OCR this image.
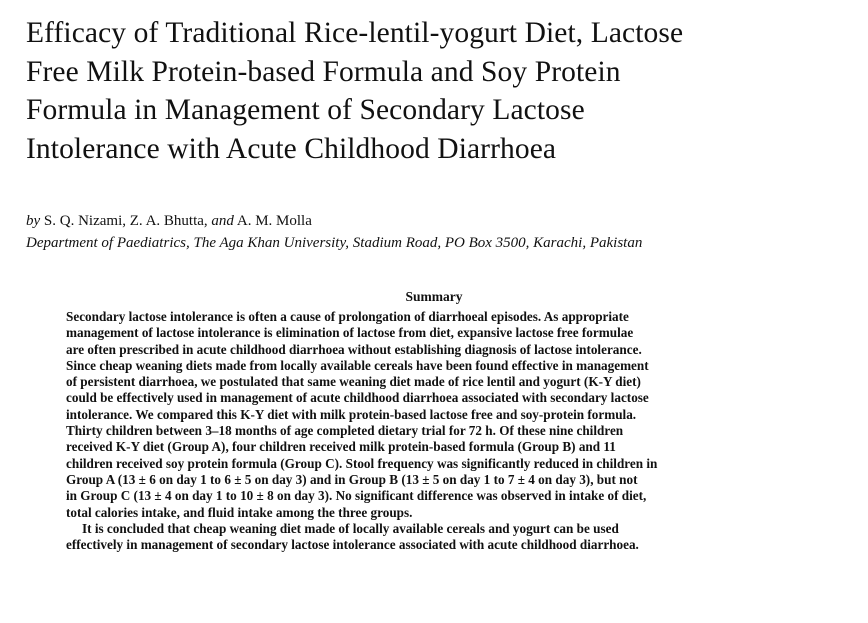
Efficacy of Traditional Rice-lentil-yogurt Diet, Lactose
Free Milk Protein-based Formula and Soy Protein
Formula in Management of Secondary Lactose
Intolerance with Acute Childhood Diarrhoea
by S. Q. Nizami, Z. A. Bhutta, and A. M. Molla
Department of Paediatrics, The Aga Khan University, Stadium Road, PO Box 3500, Karachi, Pakistan
Summary
Secondary lactose intolerance is often a cause of prolongation of diarrhoeal episodes. As appropriate
management of lactose intolerance is elimination of lactose from diet, expansive lactose free formulae
are often prescribed in acute childhood diarrhoea without establishing diagnosis of lactose intolerance.
Since cheap weaning diets made from locally available cereals have been found effective in management
of persistent diarrhoea, we postulated that same weaning diet made of rice lentil and yogurt (K-Y diet)
could be effectively used in management of acute childhood diarrhoea associated with secondary lactose
intolerance. We compared this K-Y diet with milk protein-based lactose free and soy-protein formula.
Thirty children between 3–18 months of age completed dietary trial for 72 h. Of these nine children
received K-Y diet (Group A), four children received milk protein-based formula (Group B) and 11
children received soy protein formula (Group C). Stool frequency was significantly reduced in children in
Group A (13 ± 6 on day 1 to 6 ± 5 on day 3) and in Group B (13 ± 5 on day 1 to 7 ± 4 on day 3), but not
in Group C (13 ± 4 on day 1 to 10 ± 8 on day 3). No significant difference was observed in intake of diet,
total calories intake, and fluid intake among the three groups.
It is concluded that cheap weaning diet made of locally available cereals and yogurt can be used
effectively in management of secondary lactose intolerance associated with acute childhood diarrhoea.
